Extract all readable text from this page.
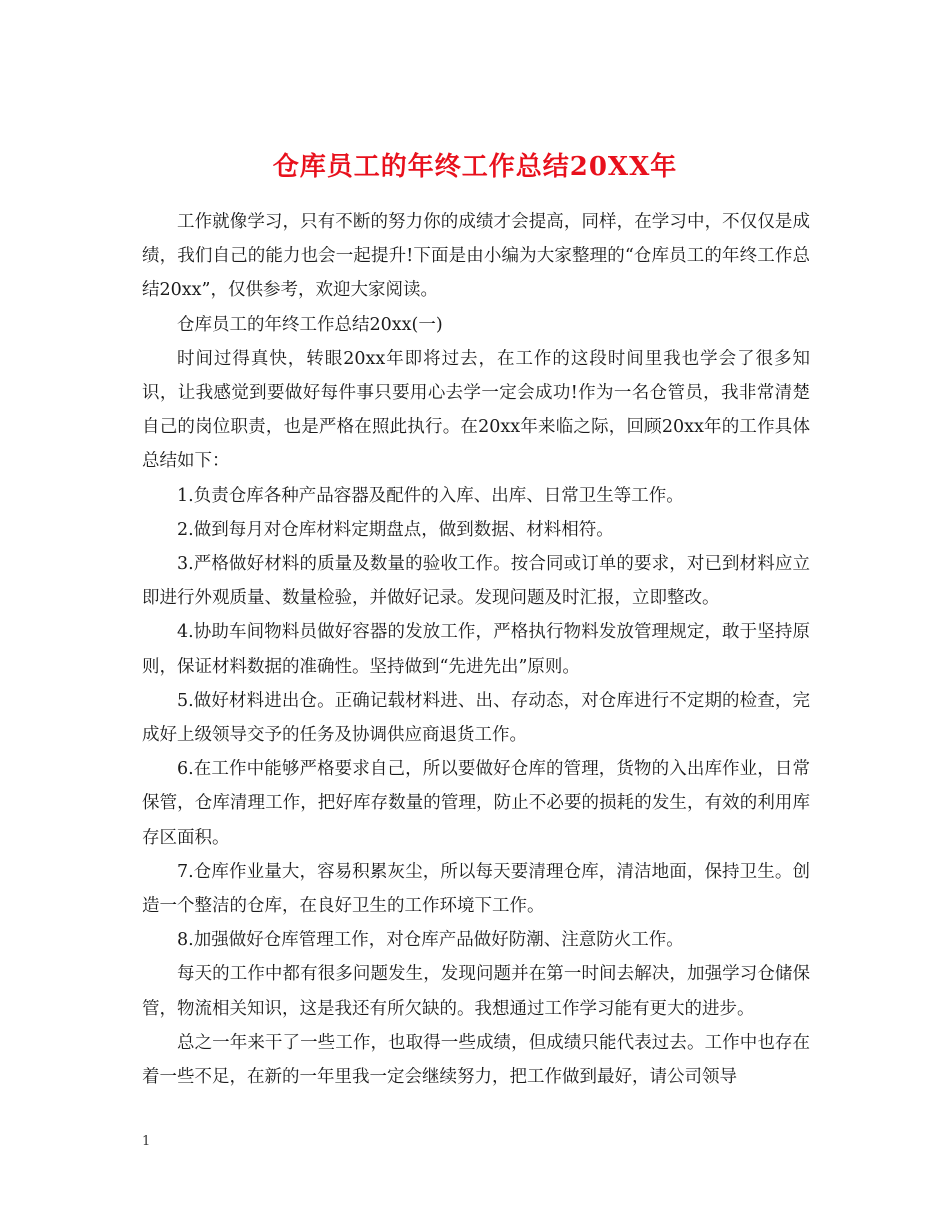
仓库员工的年终工作总结20XX年

工作就像学习，只有不断的努力你的成绩才会提高，同样，在学习中，不仅仅是成绩，我们自己的能力也会一起提升!下面是由小编为大家整理的“仓库员工的年终工作总结20xx”，仅供参考，欢迎大家阅读。

仓库员工的年终工作总结20xx(一)

时间过得真快，转眼20xx年即将过去，在工作的这段时间里我也学会了很多知识，让我感觉到要做好每件事只要用心去学一定会成功!作为一名仓管员，我非常清楚自己的岗位职责，也是严格在照此执行。在20xx年来临之际，回顾20xx年的工作具体总结如下：

1.负责仓库各种产品容器及配件的入库、出库、日常卫生等工作。

2.做到每月对仓库材料定期盘点，做到数据、材料相符。

3.严格做好材料的质量及数量的验收工作。按合同或订单的要求，对已到材料应立即进行外观质量、数量检验，并做好记录。发现问题及时汇报，立即整改。

4.协助车间物料员做好容器的发放工作，严格执行物料发放管理规定，敢于坚持原则，保证材料数据的准确性。坚持做到“先进先出”原则。

5.做好材料进出仓。正确记载材料进、出、存动态，对仓库进行不定期的检查，完成好上级领导交予的任务及协调供应商退货工作。

6.在工作中能够严格要求自己，所以要做好仓库的管理，货物的入出库作业，日常保管，仓库清理工作，把好库存数量的管理，防止不必要的损耗的发生，有效的利用库存区面积。

7.仓库作业量大，容易积累灰尘，所以每天要清理仓库，清洁地面，保持卫生。创造一个整洁的仓库，在良好卫生的工作环境下工作。

8.加强做好仓库管理工作，对仓库产品做好防潮、注意防火工作。

每天的工作中都有很多问题发生，发现问题并在第一时间去解决，加强学习仓储保管，物流相关知识，这是我还有所欠缺的。我想通过工作学习能有更大的进步。

总之一年来干了一些工作，也取得一些成绩，但成绩只能代表过去。工作中也存在着一些不足，在新的一年里我一定会继续努力，把工作做到最好，请公司领导

1
